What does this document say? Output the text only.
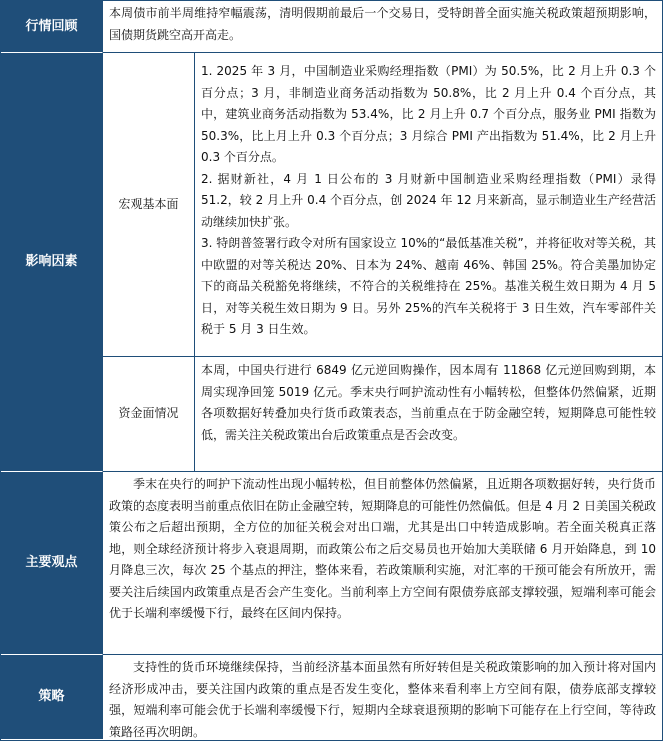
行情回顾
本周债市前半周维持窄幅震荡，清明假期前最后一个交易日，受特朗普全面实施关税政策超预期影响，国债期货跳空高开高走。
影响因素
宏观基本面

1. 2025 年 3 月，中国制造业采购经理指数（PMI）为 50.5%，比 2 月上升 0.3 个百分点；3 月，非制造业商务活动指数为 50.8%，比 2 月上升 0.4 个百分点，其中，建筑业商务活动指数为 53.4%，比 2 月上升 0.7 个百分点，服务业 PMI 指数为 50.3%，比上月上升 0.3 个百分点；3 月综合 PMI 产出指数为 51.4%，比 2 月上升 0.3 个百分点。

2. 据财新社，4 月 1 日公布的 3 月财新中国制造业采购经理指数（PMI）录得 51.2，较 2 月上升 0.4 个百分点，创 2024 年 12 月来新高，显示制造业生产经营活动继续加快扩张。

3. 特朗普签署行政令对所有国家设立 10%的“最低基准关税”，并将征收对等关税，其中欧盟的对等关税达 20%、日本为 24%、越南 46%、韩国 25%。符合美墨加协定下的商品关税豁免将继续，不符合的关税维持在 25%。基准关税生效日期为 4 月 5 日，对等关税生效日期为 9 日。另外 25%的汽车关税将于 3 日生效，汽车零部件关税于 5 月 3 日生效。

资金面情况
本周，中国央行进行 6849 亿元逆回购操作，因本周有 11868 亿元逆回购到期，本周实现净回笼 5019 亿元。季末央行呵护流动性有小幅转松，但整体仍然偏紧，近期各项数据好转叠加央行货币政策表态，当前重点在于防金融空转，短期降息可能性较低，需关注关税政策出台后政策重点是否会改变。
主要观点

季末在央行的呵护下流动性出现小幅转松，但目前整体仍然偏紧，且近期各项数据好转，央行货币政策的态度表明当前重点依旧在防止金融空转，短期降息的可能性仍然偏低。但是 4 月 2 日美国关税政策公布之后超出预期，全方位的加征关税会对出口端，尤其是出口中转造成影响。若全面关税真正落地，则全球经济预计将步入衰退周期，而政策公布之后交易员也开始加大美联储 6 月开始降息，到 10 月降息三次，每次 25 个基点的押注，整体来看，若政策顺利实施，对汇率的干预可能会有所放开，需要关注后续国内政策重点是否会产生变化。当前利率上方空间有限债券底部支撑较强，短端利率可能会优于长端利率缓慢下行，最终在区间内保持。

策略

支持性的货币环境继续保持，当前经济基本面虽然有所好转但是关税政策影响的加入预计将对国内经济形成冲击，要关注国内政策的重点是否发生变化，整体来看利率上方空间有限，债券底部支撑较强，短端利率可能会优于长端利率缓慢下行，短期内全球衰退预期的影响下可能存在上行空间，等待政策路径再次明朗。
